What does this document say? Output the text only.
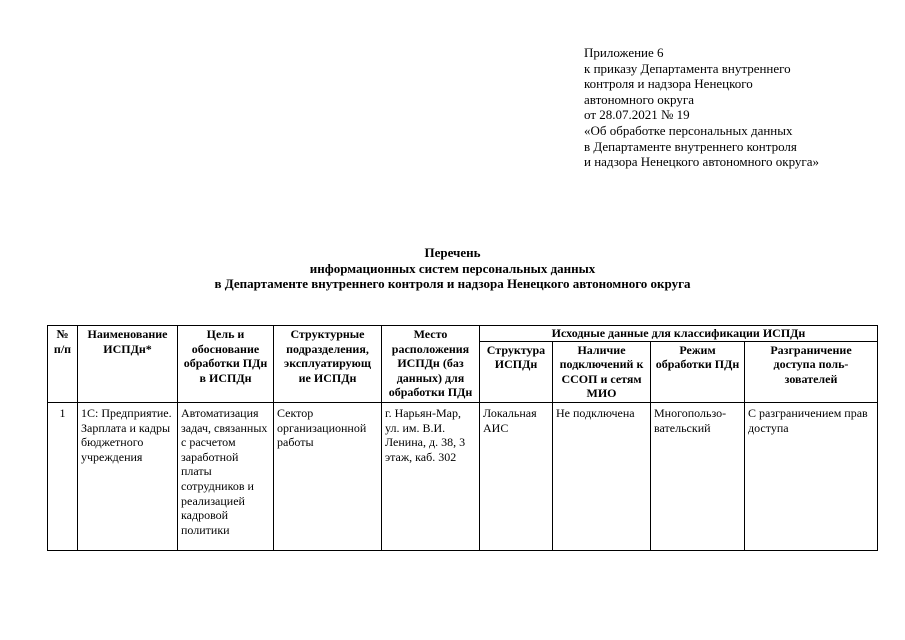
Приложение 6
к приказу Департамента внутреннего
контроля и надзора Ненецкого
автономного округа
от 28.07.2021 № 19
«Об обработке персональных данных
в Департаменте внутреннего контроля
и надзора Ненецкого автономного округа»
Перечень
информационных систем персональных данных
в Департаменте внутреннего контроля и надзора Ненецкого автономного округа
№ п/п	Наименование ИСПДн*	Цель и обоснование обработки ПДн в ИСПДн	Структурные подразделения, эксплуатирующ ие ИСПДн	Место расположения ИСПДн (баз данных) для обработки ПДн	Исходные данные для классификации ИСПДн			
					Структура ИСПДн	Наличие подключений к ССОП и сетям МИО	Режим обработки ПДн	Разграничение доступа поль-зователей
1	1С: Предприятие. Зарплата и кадры бюджетного учреждения	Автоматизация задач, связанных с расчетом заработной платы сотрудников и реализацией кадровой политики	Сектор организационной работы	г. Нарьян-Мар, ул. им. В.И. Ленина, д. 38, 3 этаж, каб. 302	Локальная АИС	Не подключена	Многопользо-вательский	С разграничением прав доступа
